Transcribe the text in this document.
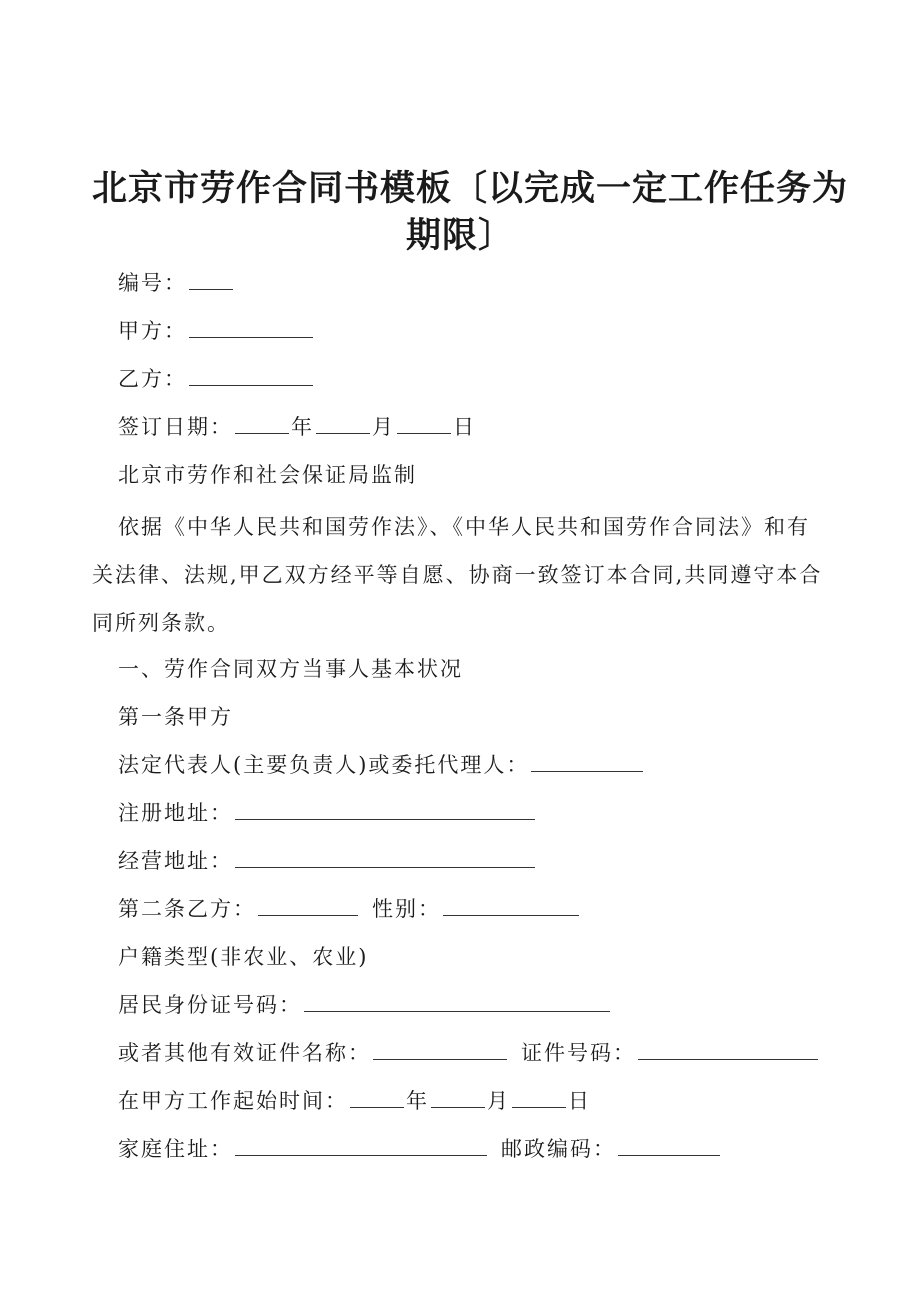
北京市劳作合同书模板〔以完成一定工作任务为
期限〕
编号：
甲方：
乙方：
签订日期：	年	月	日
北京市劳作和社会保证局监制
依据《中华人民共和国劳作法》、《中华人民共和国劳作合同法》和有关法律、法规,甲乙双方经平等自愿、协商一致签订本合同,共同遵守本合同所列条款。
一、劳作合同双方当事人基本状况
第一条甲方
法定代表人(主要负责人)或委托代理人：
注册地址：
经营地址：
第二条乙方：	性别：
户籍类型(非农业、农业)
居民身份证号码：
或者其他有效证件名称：	证件号码：
在甲方工作起始时间：	年	月	日
家庭住址：	邮政编码：
